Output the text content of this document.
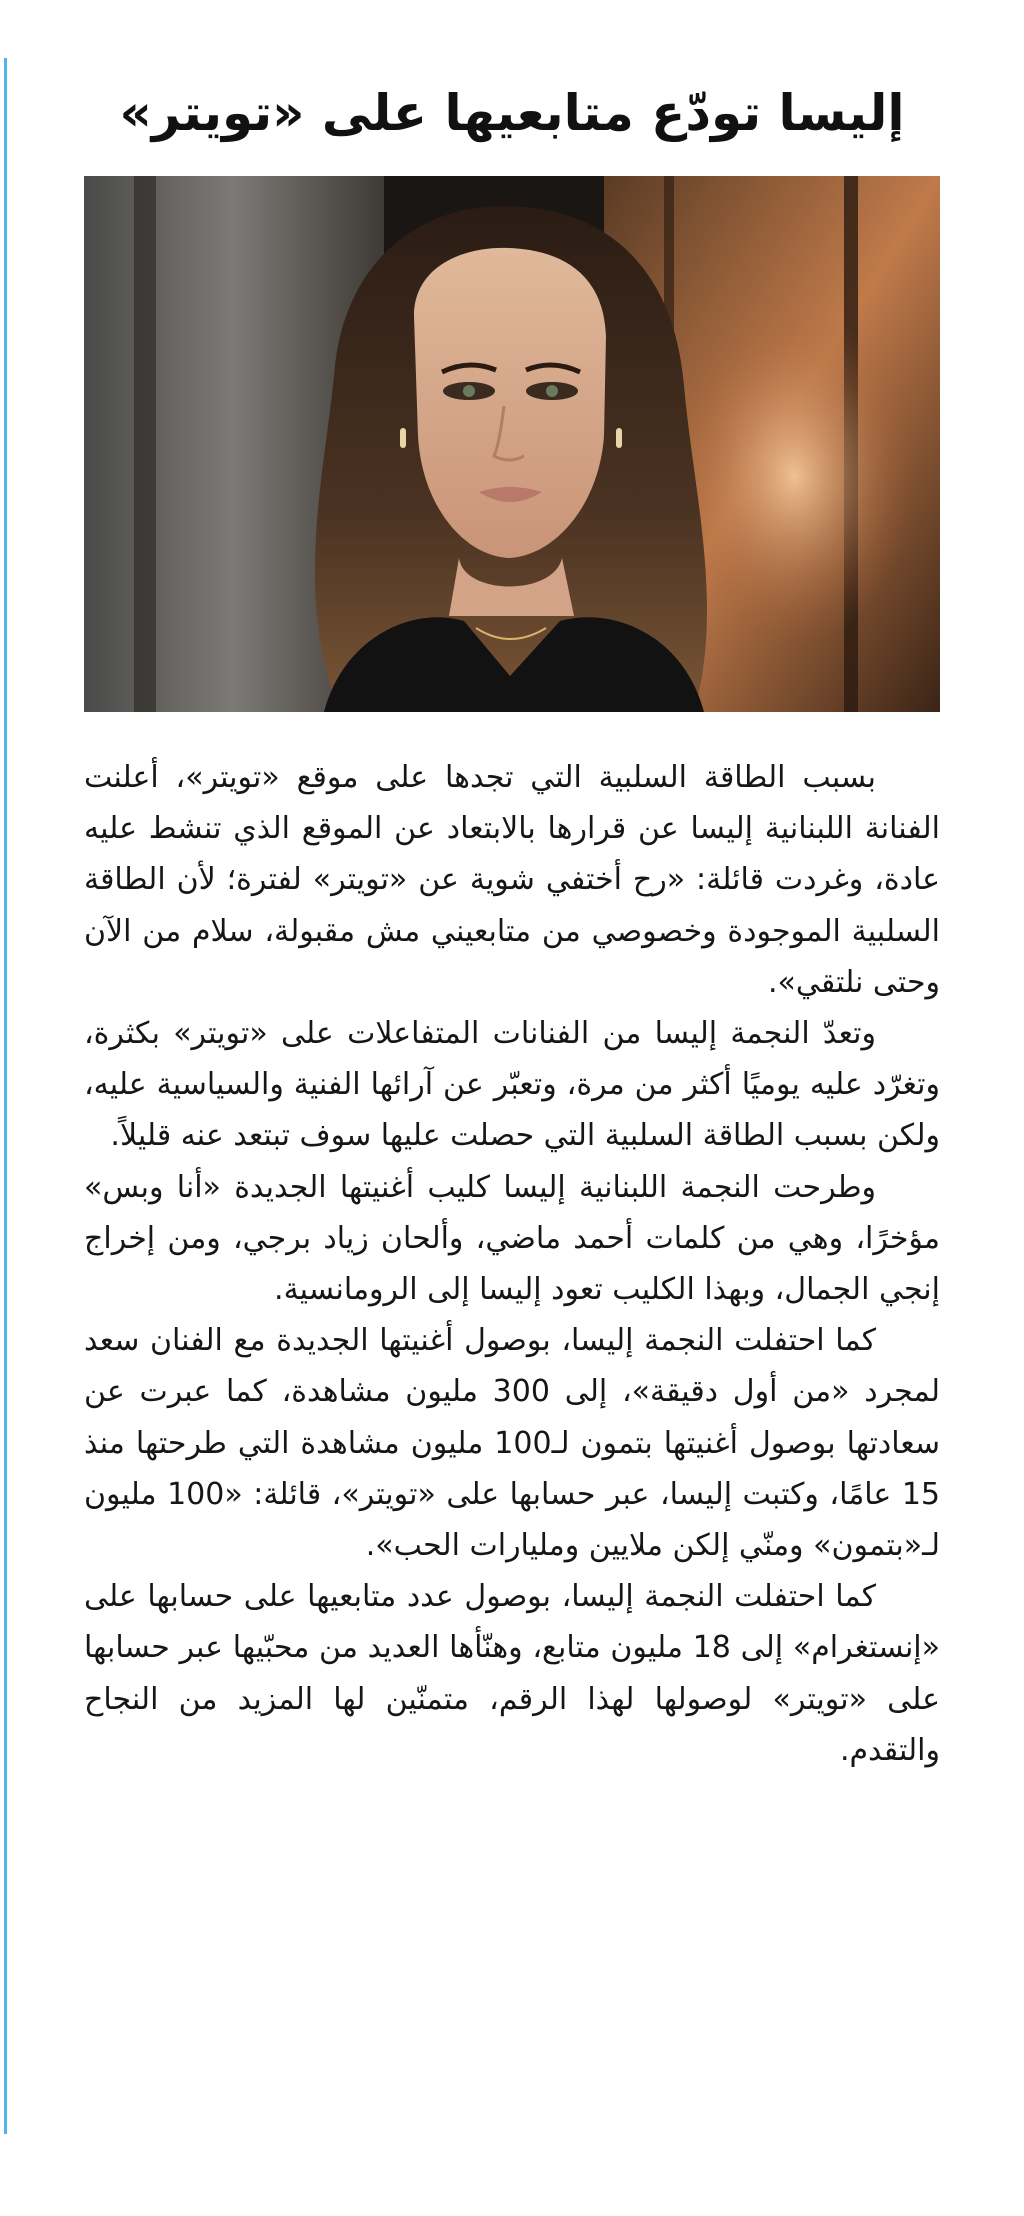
إليسا تودّع متابعيها على «تويتر»

بسبب الطاقة السلبية التي تجدها على موقع «تويتر»، أعلنت الفنانة اللبنانية إليسا عن قرارها بالابتعاد عن الموقع الذي تنشط عليه عادة، وغردت قائلة: «رح أختفي شوية عن «تويتر» لفترة؛ لأن الطاقة السلبية الموجودة وخصوصي من متابعيني مش مقبولة، سلام من الآن وحتى نلتقي».

وتعدّ النجمة إليسا من الفنانات المتفاعلات على «تويتر» بكثرة، وتغرّد عليه يوميًا أكثر من مرة، وتعبّر عن آرائها الفنية والسياسية عليه، ولكن بسبب الطاقة السلبية التي حصلت عليها سوف تبتعد عنه قليلاً.

وطرحت النجمة اللبنانية إليسا كليب أغنيتها الجديدة «أنا وبس» مؤخرًا، وهي من كلمات أحمد ماضي، وألحان زياد برجي، ومن إخراج إنجي الجمال، وبهذا الكليب تعود إليسا إلى الرومانسية.

كما احتفلت النجمة إليسا، بوصول أغنيتها الجديدة مع الفنان سعد لمجرد «من أول دقيقة»، إلى 300 مليون مشاهدة، كما عبرت عن سعادتها بوصول أغنيتها بتمون لـ100 مليون مشاهدة التي طرحتها منذ 15 عامًا، وكتبت إليسا، عبر حسابها على «تويتر»، قائلة: «100 مليون لـ«بتمون» ومنّي إلكن ملايين ومليارات الحب».

كما احتفلت النجمة إليسا، بوصول عدد متابعيها على حسابها على «إنستغرام» إلى 18 مليون متابع، وهنّأها العديد من محبّيها عبر حسابها على «تويتر» لوصولها لهذا الرقم، متمنّين لها المزيد من النجاح والتقدم.
